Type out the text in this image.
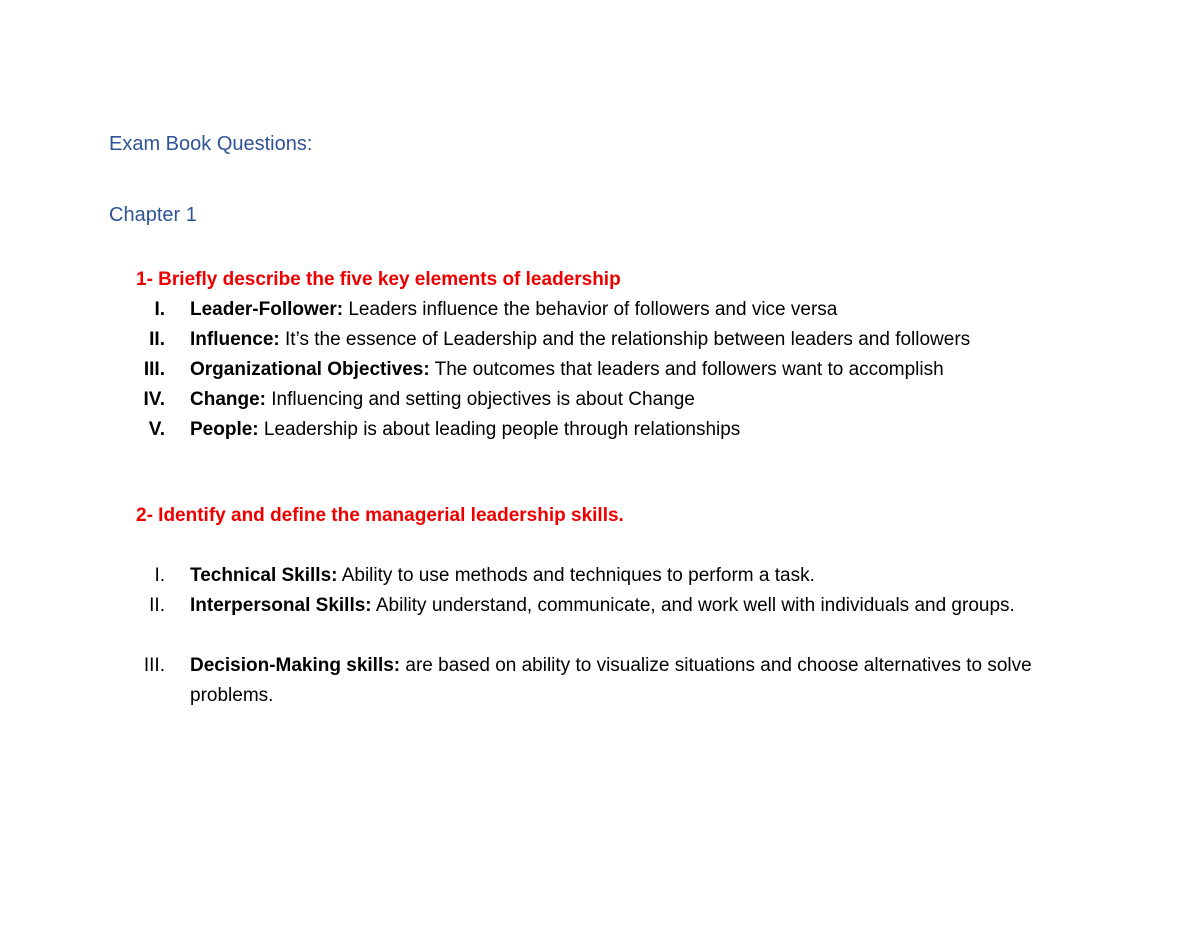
Exam Book Questions:
Chapter 1
1- Briefly describe the five key elements of leadership
I. Leader-Follower: Leaders influence the behavior of followers and vice versa
II. Influence: It’s the essence of Leadership and the relationship between leaders and followers
III. Organizational Objectives: The outcomes that leaders and followers want to accomplish
IV. Change: Influencing and setting objectives is about Change
V. People: Leadership is about leading people through relationships
2- Identify and define the managerial leadership skills.
I. Technical Skills: Ability to use methods and techniques to perform a task.
II. Interpersonal Skills: Ability understand, communicate, and work well with individuals and groups.
III. Decision-Making skills: are based on ability to visualize situations and choose alternatives to solve problems.
